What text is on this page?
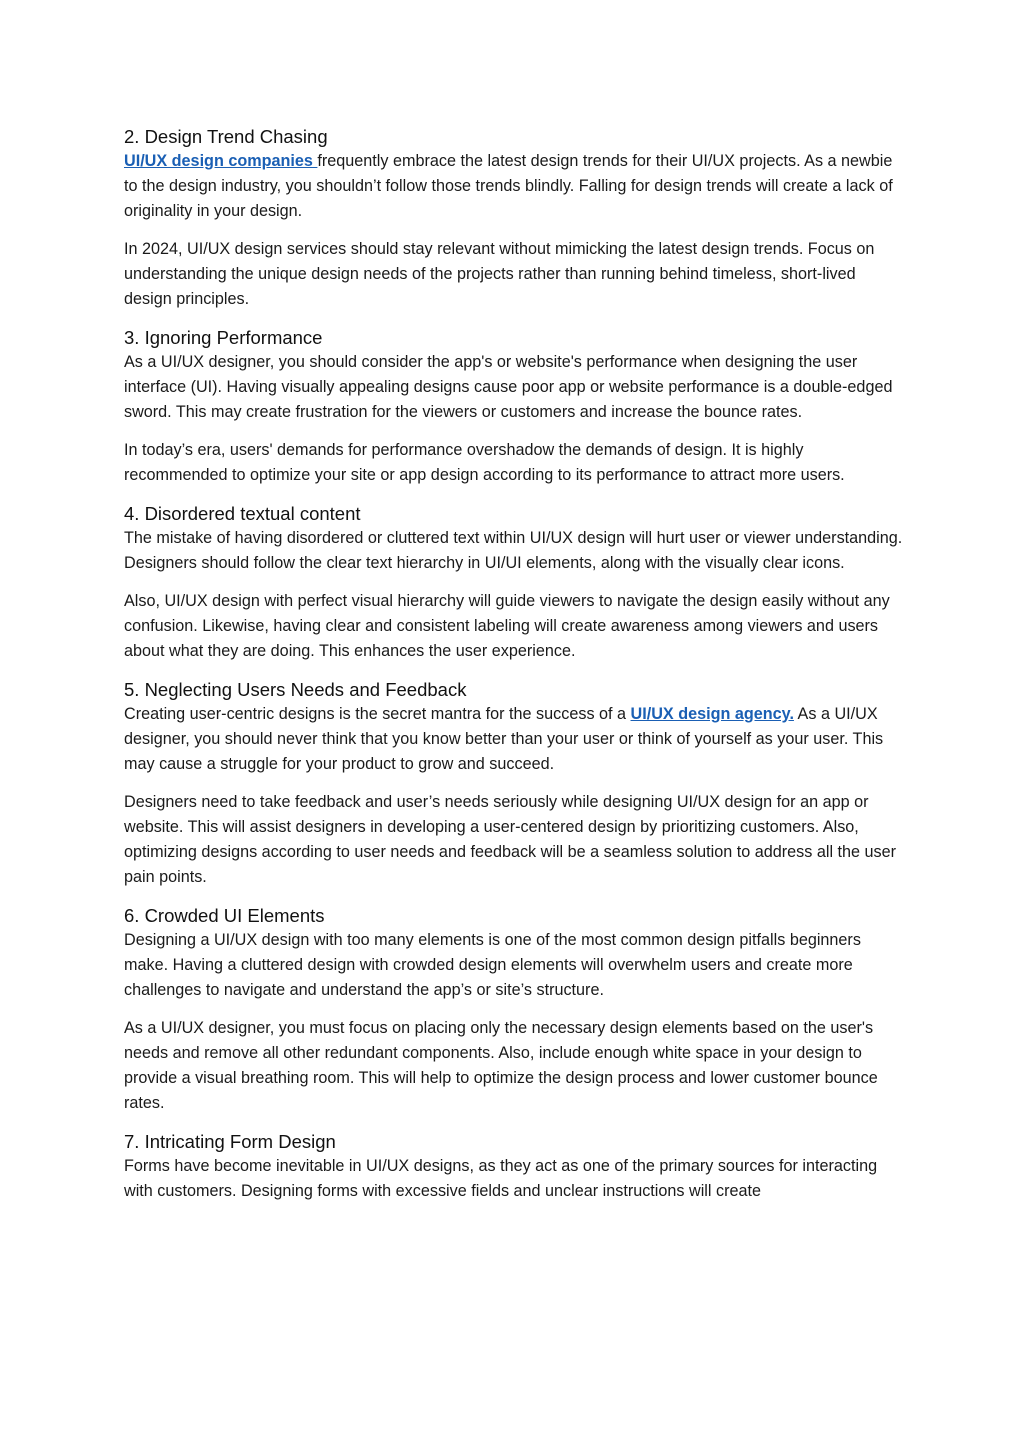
2. Design Trend Chasing

UI/UX design companies frequently embrace the latest design trends for their UI/UX projects. As a newbie to the design industry, you shouldn’t follow those trends blindly. Falling for design trends will create a lack of originality in your design.

In 2024, UI/UX design services should stay relevant without mimicking the latest design trends. Focus on understanding the unique design needs of the projects rather than running behind timeless, short-lived design principles.

3. Ignoring Performance

As a UI/UX designer, you should consider the app's or website's performance when designing the user interface (UI). Having visually appealing designs cause poor app or website performance is a double-edged sword. This may create frustration for the viewers or customers and increase the bounce rates.

In today’s era, users' demands for performance overshadow the demands of design. It is highly recommended to optimize your site or app design according to its performance to attract more users.

4. Disordered textual content

The mistake of having disordered or cluttered text within UI/UX design will hurt user or viewer understanding. Designers should follow the clear text hierarchy in UI/UI elements, along with the visually clear icons.

Also, UI/UX design with perfect visual hierarchy will guide viewers to navigate the design easily without any confusion. Likewise, having clear and consistent labeling will create awareness among viewers and users about what they are doing. This enhances the user experience.

5. Neglecting Users Needs and Feedback

Creating user-centric designs is the secret mantra for the success of a UI/UX design agency. As a UI/UX designer, you should never think that you know better than your user or think of yourself as your user. This may cause a struggle for your product to grow and succeed.

Designers need to take feedback and user’s needs seriously while designing UI/UX design for an app or website. This will assist designers in developing a user-centered design by prioritizing customers. Also, optimizing designs according to user needs and feedback will be a seamless solution to address all the user pain points.

6. Crowded UI Elements

Designing a UI/UX design with too many elements is one of the most common design pitfalls beginners make. Having a cluttered design with crowded design elements will overwhelm users and create more challenges to navigate and understand the app’s or site’s structure.

As a UI/UX designer, you must focus on placing only the necessary design elements based on the user's needs and remove all other redundant components. Also, include enough white space in your design to provide a visual breathing room. This will help to optimize the design process and lower customer bounce rates.

7. Intricating Form Design

Forms have become inevitable in UI/UX designs, as they act as one of the primary sources for interacting with customers. Designing forms with excessive fields and unclear instructions will create
